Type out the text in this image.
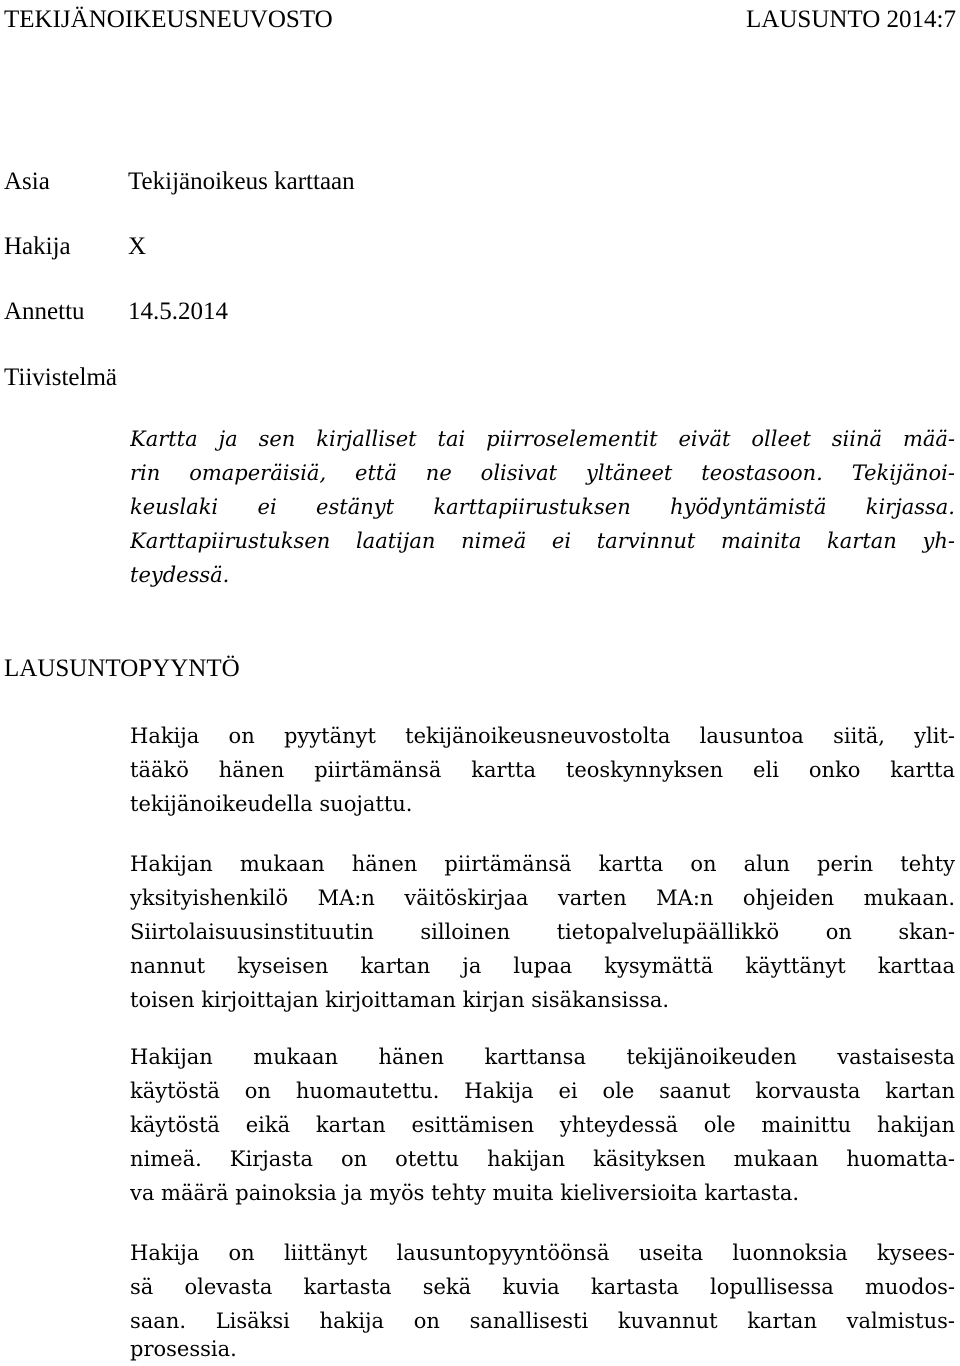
TEKIJÄNOIKEUSNEUVOSTO	LAUSUNTO 2014:7
Asia	Tekijänoikeus karttaan
Hakija X
Annettu 14.5.2014
Tiivistelmä
Kartta ja sen kirjalliset tai piirroselementit eivät olleet siinä mää-
rin omaperäisiä, että ne olisivat yltäneet teostasoon. Tekijänoi-
keuslaki ei estänyt karttapiirustuksen hyödyntämistä kirjassa.
Karttapiirustuksen laatijan nimeä ei tarvinnut mainita kartan yh-
teydessä.
LAUSUNTOPYYNTÖ
Hakija on pyytänyt tekijänoikeusneuvostolta lausuntoa siitä, ylit-
tääkö hänen piirtämänsä kartta teoskynnyksen eli onko kartta
tekijänoikeudella suojattu.
Hakijan mukaan hänen piirtämänsä kartta on alun perin tehty
yksityishenkilö MA:n väitöskirjaa varten MA:n ohjeiden mukaan.
Siirtolaisuusinstituutin silloinen tietopalvelupäällikkö on skan-
nannut kyseisen kartan ja lupaa kysymättä käyttänyt karttaa
toisen kirjoittajan kirjoittaman kirjan sisäkansissa.
Hakijan mukaan hänen karttansa tekijänoikeuden vastaisesta
käytöstä on huomautettu. Hakija ei ole saanut korvausta kartan
käytöstä eikä kartan esittämisen yhteydessä ole mainittu hakijan
nimeä. Kirjasta on otettu hakijan käsityksen mukaan huomatta-
va määrä painoksia ja myös tehty muita kieliversioita kartasta.
Hakija on liittänyt lausuntopyyntöönsä useita luonnoksia kysees-
sä olevasta kartasta sekä kuvia kartasta lopullisessa muodos-
saan. Lisäksi hakija on sanallisesti kuvannut kartan valmistus-
prosessia.
